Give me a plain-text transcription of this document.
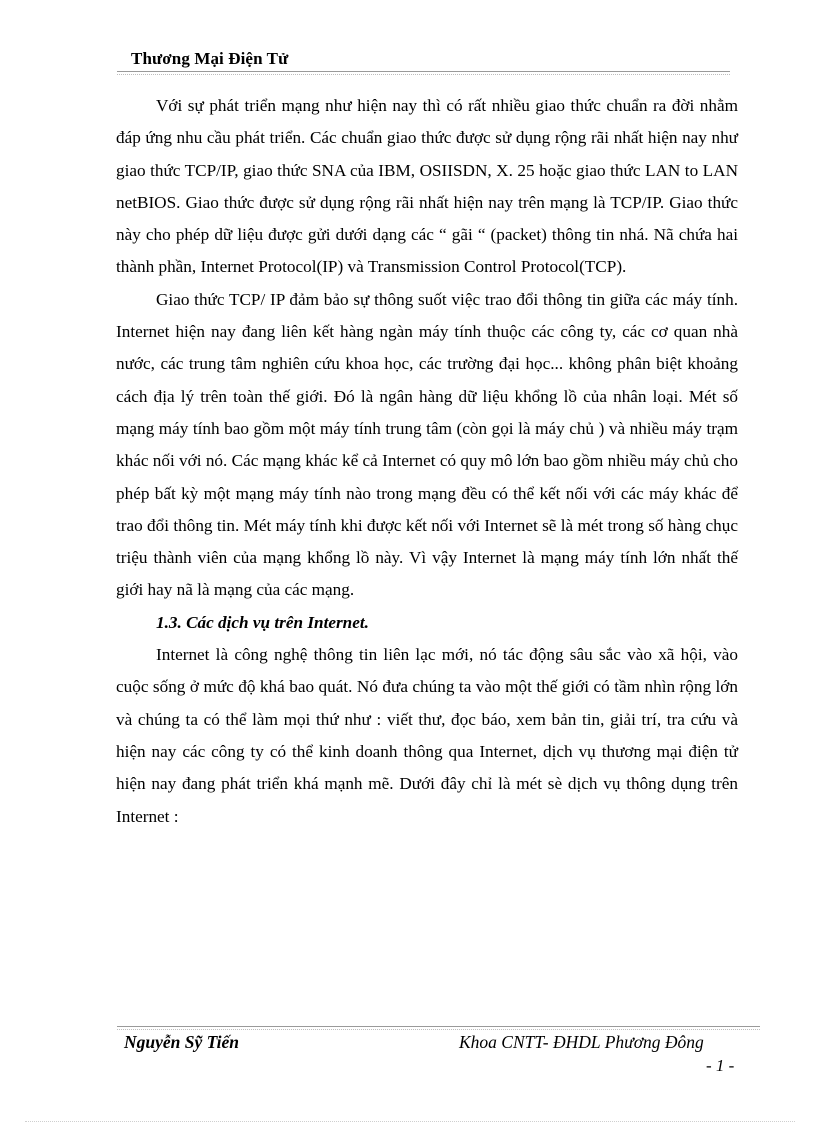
Thương Mại Điện Tử

Với sự phát triển mạng như hiện nay thì có rất nhiều giao thức chuẩn ra đời nhằm đáp ứng nhu cầu phát triển. Các chuẩn giao thức được sử dụng rộng rãi nhất hiện nay như giao thức TCP/IP, giao thức SNA của IBM, OSIISDN, X. 25 hoặc giao thức LAN to LAN netBIOS. Giao thức được sử dụng rộng rãi nhất hiện nay trên mạng là TCP/IP. Giao thức này cho phép dữ liệu được gửi dưới dạng các “ gãi “ (packet) thông tin nhá. Nã chứa hai thành phần, Internet Protocol(IP) và Transmission Control Protocol(TCP).

Giao thức TCP/ IP đảm bảo sự thông suốt việc trao đổi thông tin giữa các máy tính. Internet hiện nay đang liên kết hàng ngàn máy tính thuộc các công ty, các cơ quan nhà nước, các trung tâm nghiên cứu khoa học, các trường đại học... không phân biệt khoảng cách địa lý trên toàn thế giới. Đó là ngân hàng dữ liệu khổng lồ của nhân loại. Mét số mạng máy tính bao gồm một máy tính trung tâm (còn gọi là máy chủ ) và nhiều máy trạm khác nối với nó. Các mạng khác kể cả Internet có quy mô lớn bao gồm nhiều máy chủ cho phép bất kỳ một mạng máy tính nào trong mạng đều có thể kết nối với các máy khác để trao đổi thông tin. Mét máy tính khi được kết nối với Internet sẽ là mét trong số hàng chục triệu thành viên của mạng khổng lồ này. Vì vậy Internet là mạng máy tính lớn nhất thế giới hay nã là mạng của các mạng.

1.3. Các dịch vụ trên Internet.

Internet là công nghệ thông tin liên lạc mới, nó tác động sâu sắc vào xã hội, vào cuộc sống ở mức độ khá bao quát. Nó đưa chúng ta vào một thế giới có tầm nhìn rộng lớn và chúng ta có thể làm mọi thứ như : viết thư, đọc báo, xem bản tin, giải trí, tra cứu và hiện nay các công ty có thể kinh doanh thông qua Internet, dịch vụ thương mại điện tử hiện nay đang phát triển khá mạnh mẽ. Dưới đây chỉ là mét sè dịch vụ thông dụng trên Internet :

Nguyễn Sỹ Tiến	Khoa CNTT- ĐHDL Phương Đông
- 1 -
